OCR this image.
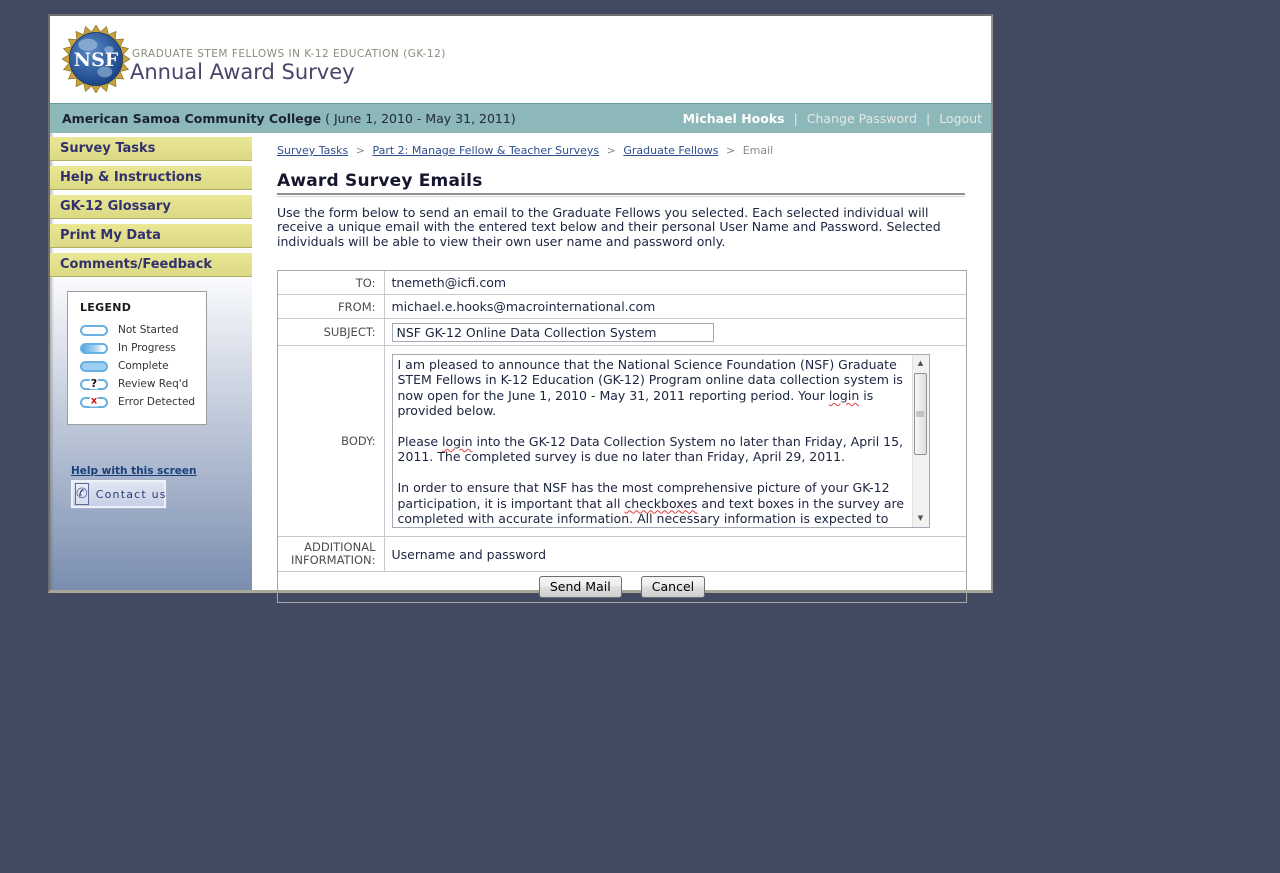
NSF GRADUATE STEM FELLOWS IN K-12 EDUCATION (GK-12)
Annual Award Survey
American Samoa Community College ( June 1, 2010 - May 31, 2011)	Michael Hooks | Change Password | Logout
Survey Tasks
Help & Instructions
GK-12 Glossary
Print My Data
Comments/Feedback
LEGEND
Not Started
In Progress
Complete
? Review Req'd
x Error Detected
Help with this screen
✆ Contact us
Survey Tasks > Part 2: Manage Fellow & Teacher Surveys > Graduate Fellows > Email
Award Survey Emails
Use the form below to send an email to the Graduate Fellows you selected. Each selected individual will receive a unique email with the entered text below and their personal User Name and Password. Selected individuals will be able to view their own user name and password only.
TO:	tnemeth@icfi.com
FROM:	michael.e.hooks@macrointernational.com
SUBJECT:	NSF GK-12 Online Data Collection System
BODY:	I am pleased to announce that the National Science Foundation (NSF) Graduate STEM Fellows in K-12 Education (GK-12) Program online data collection system is now open for the June 1, 2010 - May 31, 2011 reporting period. Your login is provided below.

Please login into the GK-12 Data Collection System no later than Friday, April 15, 2011. The completed survey is due no later than Friday, April 29, 2011.

In order to ensure that NSF has the most comprehensive picture of your GK-12 participation, it is important that all checkboxes and text boxes in the survey are completed with accurate information. All necessary information is expected to
▲
▼

ADDITIONAL INFORMATION:	Username and password
Send Mail Cancel	
